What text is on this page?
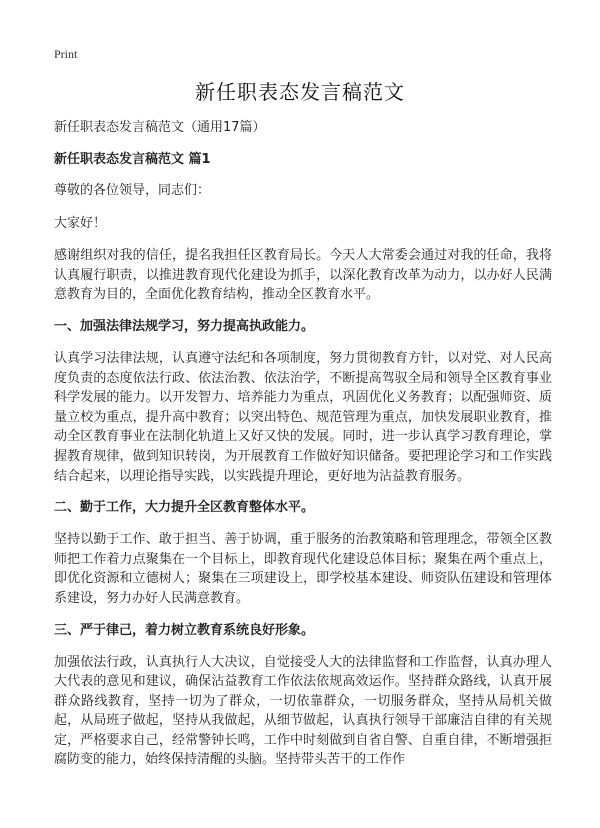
Print
新任职表态发言稿范文

新任职表态发言稿范文（通用17篇）

新任职表态发言稿范文 篇1

尊敬的各位领导，同志们：

大家好！

感谢组织对我的信任，提名我担任区教育局长。今天人大常委会通过对我的任命，我将认真履行职责，以推进教育现代化建设为抓手，以深化教育改革为动力，以办好人民满意教育为目的，全面优化教育结构，推动全区教育水平。

一、加强法律法规学习，努力提高执政能力。

认真学习法律法规，认真遵守法纪和各项制度，努力贯彻教育方针，以对党、对人民高度负责的态度依法行政、依法治教、依法治学，不断提高驾驭全局和领导全区教育事业科学发展的能力。以开发智力、培养能力为重点，巩固优化义务教育；以配强师资、质量立校为重点，提升高中教育；以突出特色、规范管理为重点，加快发展职业教育，推动全区教育事业在法制化轨道上又好又快的发展。同时，进一步认真学习教育理论，掌握教育规律，做到知识转岗，为开展教育工作做好知识储备。要把理论学习和工作实践结合起来，以理论指导实践，以实践提升理论，更好地为沾益教育服务。

二、勤于工作，大力提升全区教育整体水平。

坚持以勤于工作、敢于担当、善于协调，重于服务的治教策略和管理理念，带领全区教师把工作着力点聚集在一个目标上，即教育现代化建设总体目标；聚集在两个重点上，即优化资源和立德树人；聚集在三项建设上，即学校基本建设、师资队伍建设和管理体系建设，努力办好人民满意教育。

三、严于律己，着力树立教育系统良好形象。

加强依法行政，认真执行人大决议，自觉接受人大的法律监督和工作监督，认真办理人大代表的意见和建议，确保沾益教育工作依法依规高效运作。坚持群众路线，认真开展群众路线教育，坚持一切为了群众，一切依靠群众，一切服务群众，坚持从局机关做起，从局班子做起，坚持从我做起，从细节做起，认真执行领导干部廉洁自律的有关规定，严格要求自己，经常警钟长鸣，工作中时刻做到自省自警、自重自律，不断增强拒腐防变的能力，始终保持清醒的头脑。坚持带头苦干的工作作
